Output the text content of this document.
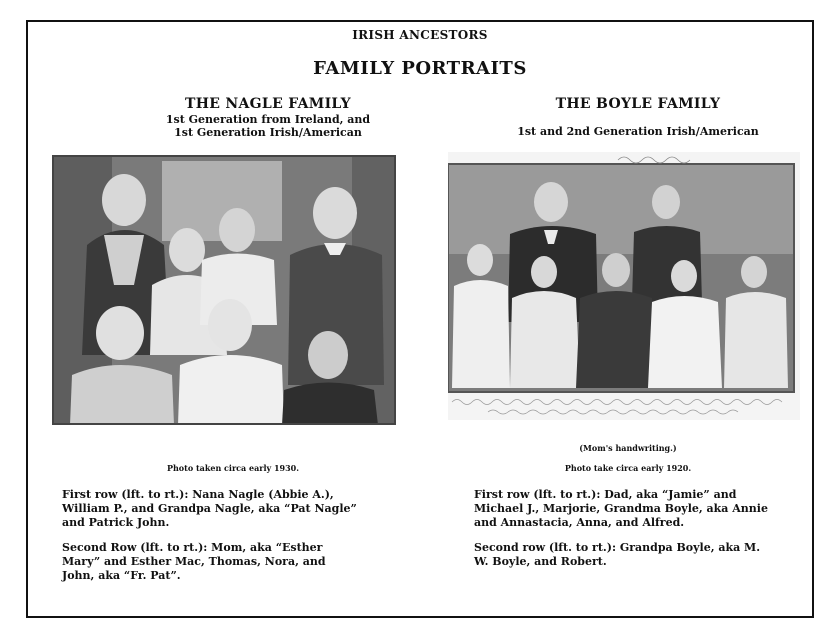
IRISH ANCESTORS
FAMILY PORTRAITS
THE NAGLE FAMILY
1st Generation from Ireland, and
1st Generation Irish/American
Photo taken circa early 1930.
First row (lft. to rt.): Nana Nagle (Abbie A.), William P., and Grandpa Nagle, aka “Pat Nagle” and Patrick John.
Second Row (lft. to rt.): Mom, aka “Esther Mary” and Esther Mac, Thomas, Nora, and John, aka “Fr. Pat”.
THE BOYLE FAMILY
1st and 2nd Generation Irish/American
(Mom's handwriting.)
Photo take circa early 1920.
First row (lft. to rt.): Dad, aka “Jamie” and Michael J., Marjorie, Grandma Boyle, aka Annie and Annastacia, Anna, and Alfred.
Second row (lft. to rt.): Grandpa Boyle, aka M. W. Boyle, and Robert.
